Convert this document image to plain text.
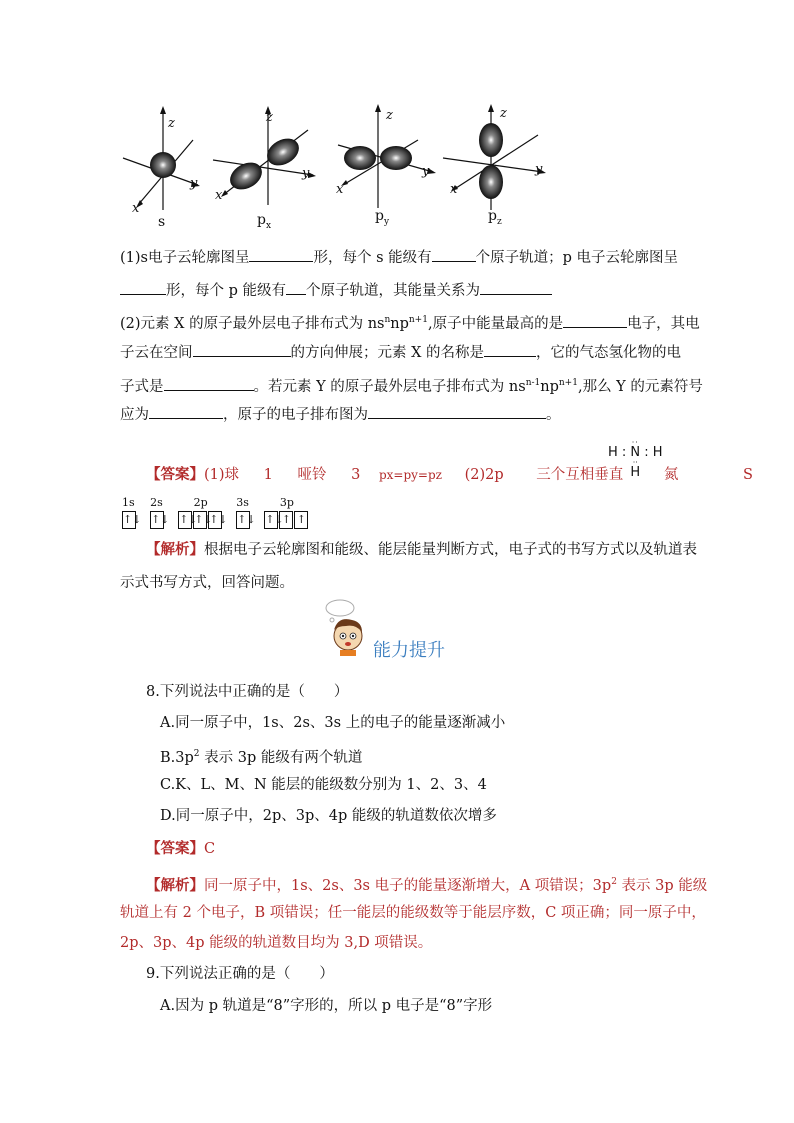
z
y
x
z
y
x
z
y
x
z
y
x
s	$p_x$
$p_y$	$p_z$
(1)s电子云轮廓图呈	形，每个 s 能级有	个原子轨道；p 电子云轮廓图呈
形，每个 p 能级有 个原子轨道，其能量关系为
(2)元素 X 的原子最外层电子排布式为 $ns^nnp^{n+1}$,原子中能量最高的是	电子，其电
子云在空间	的方向伸展；元素 X 的名称是	，它的气态氢化物的电
子式是	。若元素 Y 的原子最外层电子排布式为 $ns^{n-1}np^{n+1}$,那么 Y 的元素符号
应为	，原子的电子排布图为	。
··
H : N : H
··
H
【答案】(1)球 1 哑铃 3 px=py=pz (2)2p 三个互相垂直	氮	S
1s
↑↓
2s
↑↓
2p
↑↓↑↓↑↓
3s
↑↓
3p
↑↓↑ ↑
【解析】根据电子云轮廓图和能级、能层能量判断方式，电子式的书写方式以及轨道表
示式书写方式，回答问题。
能力提升
8.下列说法中正确的是（　　）
A.同一原子中，1s、2s、3s 上的电子的能量逐渐减小
$B.3p^2$ 表示 3p 能级有两个轨道
C.K、L、M、N 能层的能级数分别为 1、2、3、4
D.同一原子中，2p、3p、4p 能级的轨道数依次增多
【答案】C
【解析】同一原子中，1s、2s、3s 电子的能量逐渐增大，A 项错误；$3p^2$ 表示 3p 能级
轨道上有 2 个电子，B 项错误；任一能层的能级数等于能层序数，C 项正确；同一原子中，
2p、3p、4p 能级的轨道数目均为 3,D 项错误。
9.下列说法正确的是（　　）
A.因为 p 轨道是“8”字形的，所以 p 电子是“8”字形
